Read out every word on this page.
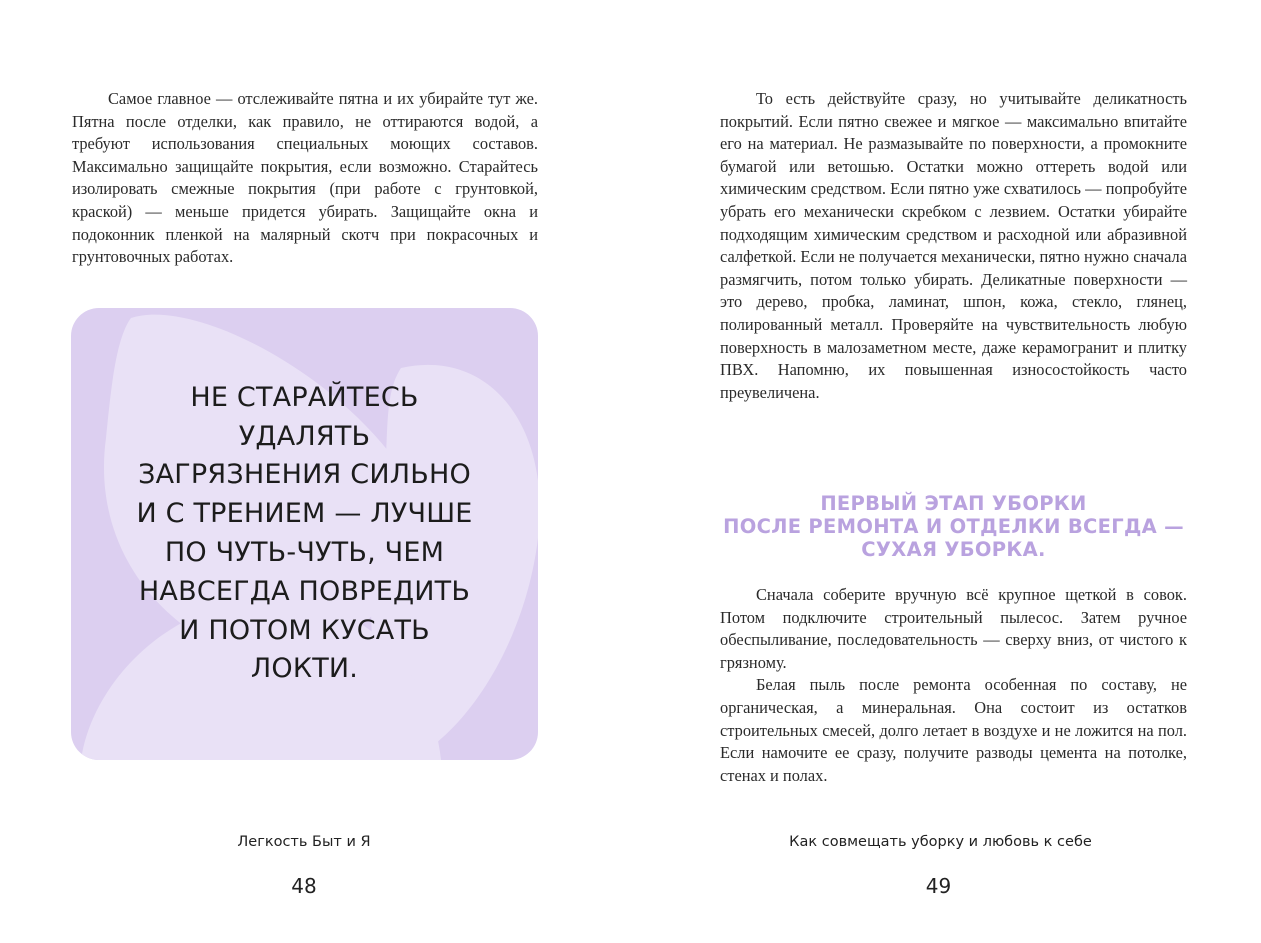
Самое главное — отслеживайте пятна и их убирайте тут же. Пятна после отделки, как правило, не оттираются водой, а требуют использования специальных моющих составов. Максимально защищайте покрытия, если возможно. Старайтесь изолировать смежные покрытия (при работе с грунтовкой, краской) — меньше придется убирать. Защищайте окна и подоконник пленкой на малярный скотч при покрасочных и грунтовочных работах.

НЕ СТАРАЙТЕСЬ
УДАЛЯТЬ
ЗАГРЯЗНЕНИЯ СИЛЬНО
И С ТРЕНИЕМ — ЛУЧШЕ
ПО ЧУТЬ-ЧУТЬ, ЧЕМ
НАВСЕГДА ПОВРЕДИТЬ
И ПОТОМ КУСАТЬ
ЛОКТИ.
Легкость Быт и Я
48

То есть действуйте сразу, но учитывайте деликатность покрытий. Если пятно свежее и мягкое — максимально впитайте его на материал. Не размазывайте по поверхности, а промокните бумагой или ветошью. Остатки можно оттереть водой или химическим средством. Если пятно уже схватилось — попробуйте убрать его механически скребком с лезвием. Остатки убирайте подходящим химическим средством и расходной или абразивной салфеткой. Если не получается механически, пятно нужно сначала размягчить, потом только убирать. Деликатные поверхности — это дерево, пробка, ламинат, шпон, кожа, стекло, глянец, полированный металл. Проверяйте на чувствительность любую поверхность в малозаметном месте, даже керамогранит и плитку ПВХ. Напомню, их повышенная износостойкость часто преувеличена.

ПЕРВЫЙ ЭТАП УБОРКИ
ПОСЛЕ РЕМОНТА И ОТДЕЛКИ ВСЕГДА —
СУХАЯ УБОРКА.

Сначала соберите вручную всё крупное щеткой в совок. Потом подключите строительный пылесос. Затем ручное обеспыливание, последовательность — сверху вниз, от чистого к грязному.

Белая пыль после ремонта особенная по составу, не органическая, а минеральная. Она состоит из остатков строительных смесей, долго летает в воздухе и не ложится на пол. Если намочите ее сразу, получите разводы цемента на потолке, стенах и полах.

Как совмещать уборку и любовь к себе
49
